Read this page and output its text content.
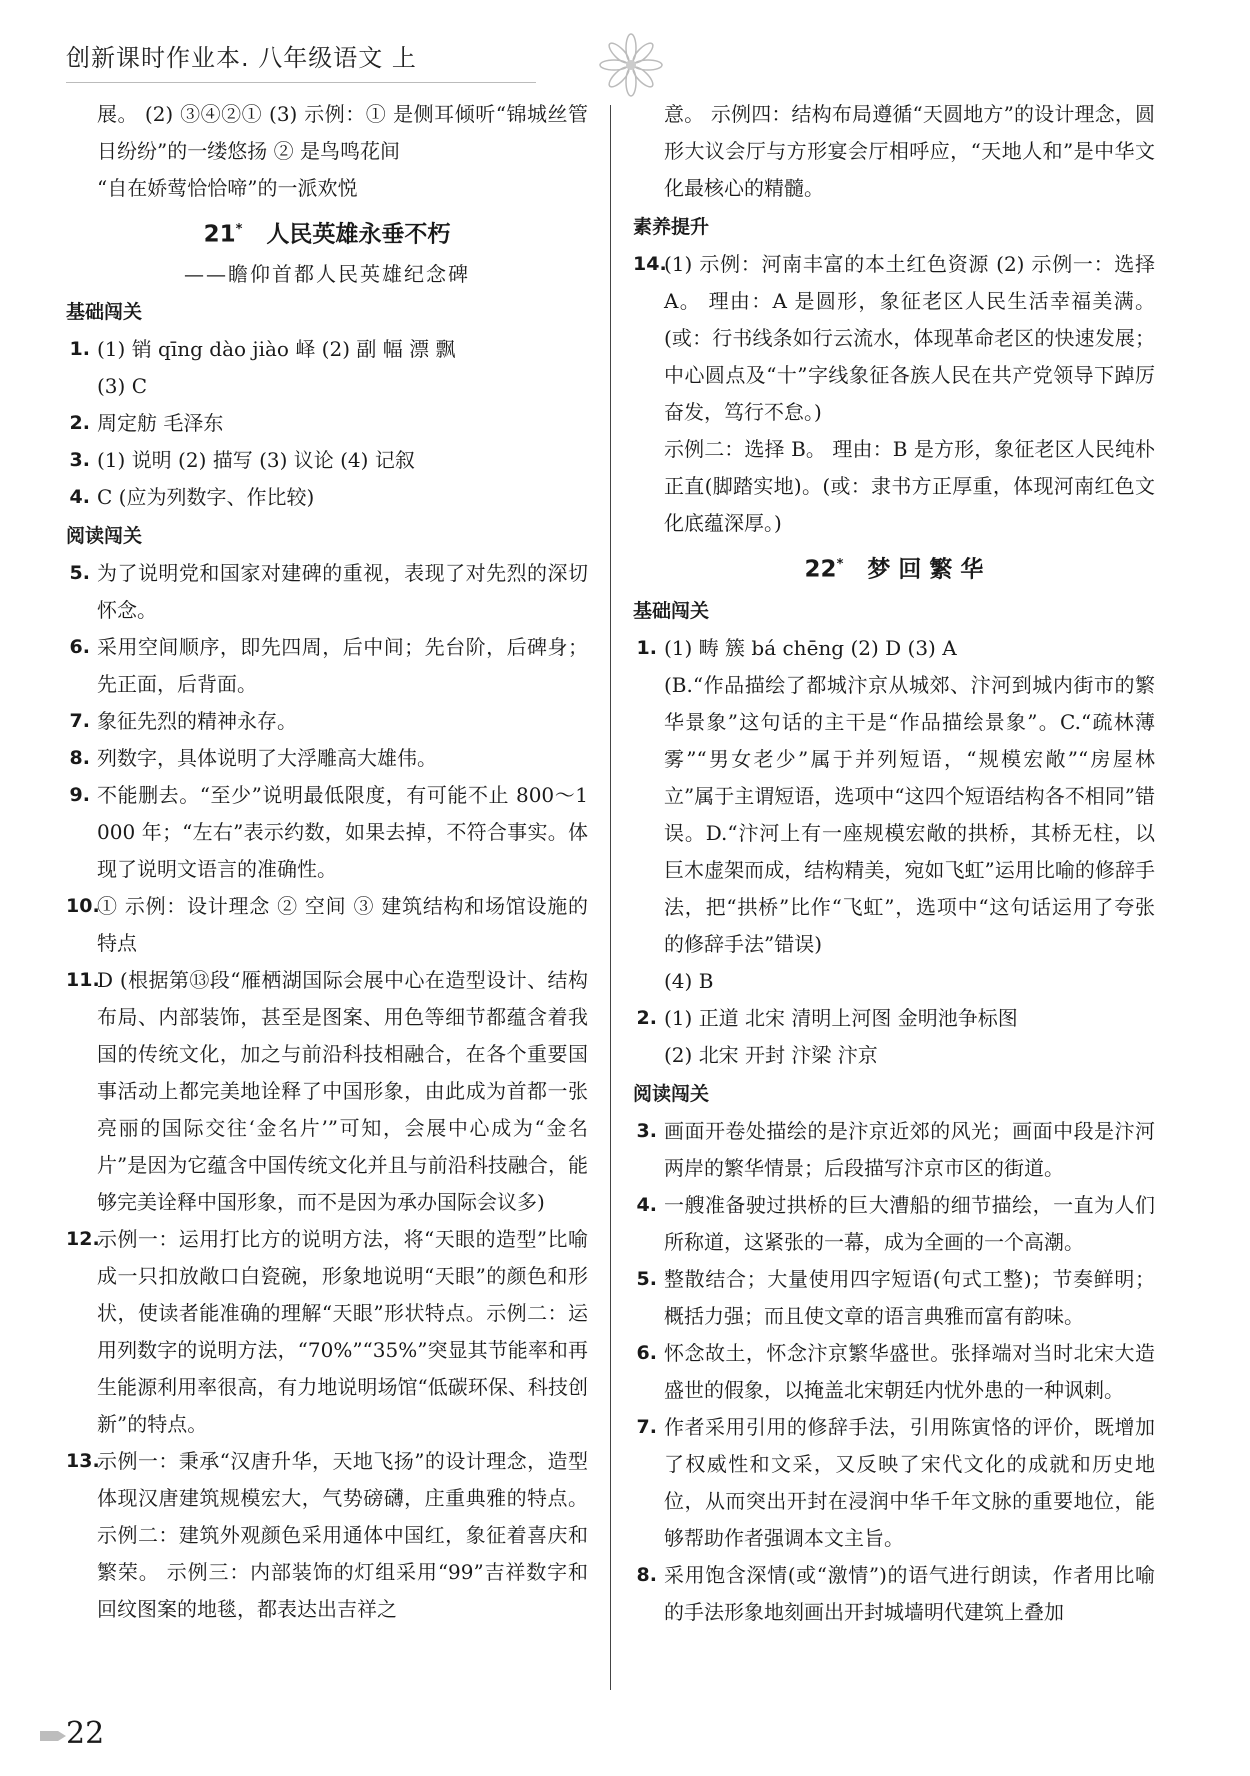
创新课时作业本. 八年级语文 上

展。 (2) ③④②① (3) 示例：① 是侧耳倾听“锦城丝管日纷纷”的一缕悠扬 ② 是鸟鸣花间

“自在娇莺恰恰啼”的一派欢悦

21* 人民英雄永垂不朽
——瞻仰首都人民英雄纪念碑
基础闯关
1. (1) 销 qīng dào jiào 峄 (2) 副 幅 漂 飘

(3) C

2. 周定舫 毛泽东

3. (1) 说明 (2) 描写 (3) 议论 (4) 记叙

4. C (应为列数字、作比较)

阅读闯关
5. 为了说明党和国家对建碑的重视，表现了对先烈的深切怀念。

6. 采用空间顺序，即先四周，后中间；先台阶，后碑身；先正面，后背面。

7. 象征先烈的精神永存。

8. 列数字，具体说明了大浮雕高大雄伟。

9. 不能删去。“至少”说明最低限度，有可能不止 800～1 000 年；“左右”表示约数，如果去掉，不符合事实。体现了说明文语言的准确性。

10.

① 示例：设计理念 ② 空间 ③ 建筑结构和场馆设施的特点

11.

D (根据第⑬段“雁栖湖国际会展中心在造型设计、结构布局、内部装饰，甚至是图案、用色等细节都蕴含着我国的传统文化，加之与前沿科技相融合，在各个重要国事活动上都完美地诠释了中国形象，由此成为首都一张亮丽的国际交往‘金名片’”可知，会展中心成为“金名片”是因为它蕴含中国传统文化并且与前沿科技融合，能够完美诠释中国形象，而不是因为承办国际会议多)

12.

示例一：运用打比方的说明方法，将“天眼的造型”比喻成一只扣放敞口白瓷碗，形象地说明“天眼”的颜色和形状，使读者能准确的理解“天眼”形状特点。示例二：运用列数字的说明方法，“70%”“35%”突显其节能率和再生能源利用率很高，有力地说明场馆“低碳环保、科技创新”的特点。

13.

示例一：秉承“汉唐升华，天地飞扬”的设计理念，造型体现汉唐建筑规模宏大，气势磅礴，庄重典雅的特点。 示例二：建筑外观颜色采用通体中国红，象征着喜庆和繁荣。 示例三：内部装饰的灯组采用“99”吉祥数字和回纹图案的地毯，都表达出吉祥之

意。 示例四：结构布局遵循“天圆地方”的设计理念，圆形大议会厅与方形宴会厅相呼应，“天地人和”是中华文化最核心的精髓。

素养提升
14.

(1) 示例：河南丰富的本土红色资源 (2) 示例一：选择 A。 理由：A 是圆形，象征老区人民生活幸福美满。(或：行书线条如行云流水，体现革命老区的快速发展；中心圆点及“十”字线象征各族人民在共产党领导下踔厉奋发，笃行不怠。)

示例二：选择 B。 理由：B 是方形，象征老区人民纯朴正直(脚踏实地)。(或：隶书方正厚重，体现河南红色文化底蕴深厚。)

22* 梦 回 繁 华
基础闯关
1. (1) 畴 簇 bá chēng (2) D (3) A

(B.“作品描绘了都城汴京从城郊、汴河到城内街市的繁华景象”这句话的主干是“作品描绘景象”。C.“疏林薄雾”“男女老少”属于并列短语，“规模宏敞”“房屋林立”属于主谓短语，选项中“这四个短语结构各不相同”错误。D.“汴河上有一座规模宏敞的拱桥，其桥无柱，以巨木虚架而成，结构精美，宛如飞虹”运用比喻的修辞手法，把“拱桥”比作“飞虹”，选项中“这句话运用了夸张的修辞手法”错误)

(4) B

2. (1) 正道 北宋 清明上河图 金明池争标图

(2) 北宋 开封 汴梁 汴京

阅读闯关
3. 画面开卷处描绘的是汴京近郊的风光；画面中段是汴河两岸的繁华情景；后段描写汴京市区的街道。

4. 一艘准备驶过拱桥的巨大漕船的细节描绘，一直为人们所称道，这紧张的一幕，成为全画的一个高潮。

5. 整散结合；大量使用四字短语(句式工整)；节奏鲜明；概括力强；而且使文章的语言典雅而富有韵味。

6. 怀念故土，怀念汴京繁华盛世。张择端对当时北宋大造盛世的假象，以掩盖北宋朝廷内忧外患的一种讽刺。

7. 作者采用引用的修辞手法，引用陈寅恪的评价，既增加了权威性和文采，又反映了宋代文化的成就和历史地位，从而突出开封在浸润中华千年文脉的重要地位，能够帮助作者强调本文主旨。

8. 采用饱含深情(或“激情”)的语气进行朗读，作者用比喻的手法形象地刻画出开封城墙明代建筑上叠加

22
